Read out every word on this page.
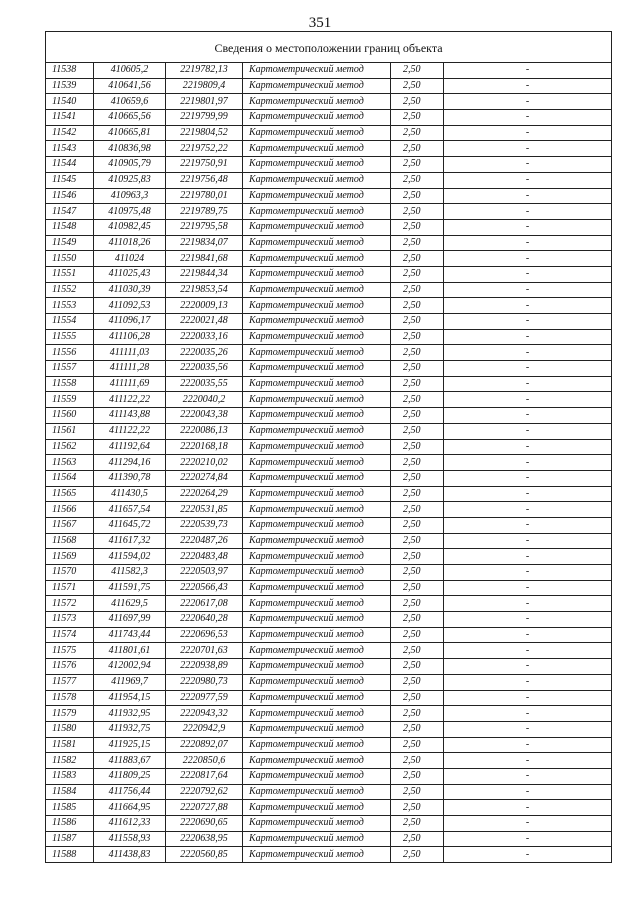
351
Сведения о местоположении границ объекта					
11538	410605,2	2219782,13	Картометрический метод	2,50	-
11539	410641,56	2219809,4	Картометрический метод	2,50	-
11540	410659,6	2219801,97	Картометрический метод	2,50	-
11541	410665,56	2219799,99	Картометрический метод	2,50	-
11542	410665,81	2219804,52	Картометрический метод	2,50	-
11543	410836,98	2219752,22	Картометрический метод	2,50	-
11544	410905,79	2219750,91	Картометрический метод	2,50	-
11545	410925,83	2219756,48	Картометрический метод	2,50	-
11546	410963,3	2219780,01	Картометрический метод	2,50	-
11547	410975,48	2219789,75	Картометрический метод	2,50	-
11548	410982,45	2219795,58	Картометрический метод	2,50	-
11549	411018,26	2219834,07	Картометрический метод	2,50	-
11550	411024	2219841,68	Картометрический метод	2,50	-
11551	411025,43	2219844,34	Картометрический метод	2,50	-
11552	411030,39	2219853,54	Картометрический метод	2,50	-
11553	411092,53	2220009,13	Картометрический метод	2,50	-
11554	411096,17	2220021,48	Картометрический метод	2,50	-
11555	411106,28	2220033,16	Картометрический метод	2,50	-
11556	411111,03	2220035,26	Картометрический метод	2,50	-
11557	411111,28	2220035,56	Картометрический метод	2,50	-
11558	411111,69	2220035,55	Картометрический метод	2,50	-
11559	411122,22	2220040,2	Картометрический метод	2,50	-
11560	411143,88	2220043,38	Картометрический метод	2,50	-
11561	411122,22	2220086,13	Картометрический метод	2,50	-
11562	411192,64	2220168,18	Картометрический метод	2,50	-
11563	411294,16	2220210,02	Картометрический метод	2,50	-
11564	411390,78	2220274,84	Картометрический метод	2,50	-
11565	411430,5	2220264,29	Картометрический метод	2,50	-
11566	411657,54	2220531,85	Картометрический метод	2,50	-
11567	411645,72	2220539,73	Картометрический метод	2,50	-
11568	411617,32	2220487,26	Картометрический метод	2,50	-
11569	411594,02	2220483,48	Картометрический метод	2,50	-
11570	411582,3	2220503,97	Картометрический метод	2,50	-
11571	411591,75	2220566,43	Картометрический метод	2,50	-
11572	411629,5	2220617,08	Картометрический метод	2,50	-
11573	411697,99	2220640,28	Картометрический метод	2,50	-
11574	411743,44	2220696,53	Картометрический метод	2,50	-
11575	411801,61	2220701,63	Картометрический метод	2,50	-
11576	412002,94	2220938,89	Картометрический метод	2,50	-
11577	411969,7	2220980,73	Картометрический метод	2,50	-
11578	411954,15	2220977,59	Картометрический метод	2,50	-
11579	411932,95	2220943,32	Картометрический метод	2,50	-
11580	411932,75	2220942,9	Картометрический метод	2,50	-
11581	411925,15	2220892,07	Картометрический метод	2,50	-
11582	411883,67	2220850,6	Картометрический метод	2,50	-
11583	411809,25	2220817,64	Картометрический метод	2,50	-
11584	411756,44	2220792,62	Картометрический метод	2,50	-
11585	411664,95	2220727,88	Картометрический метод	2,50	-
11586	411612,33	2220690,65	Картометрический метод	2,50	-
11587	411558,93	2220638,95	Картометрический метод	2,50	-
11588	411438,83	2220560,85	Картометрический метод	2,50	-
